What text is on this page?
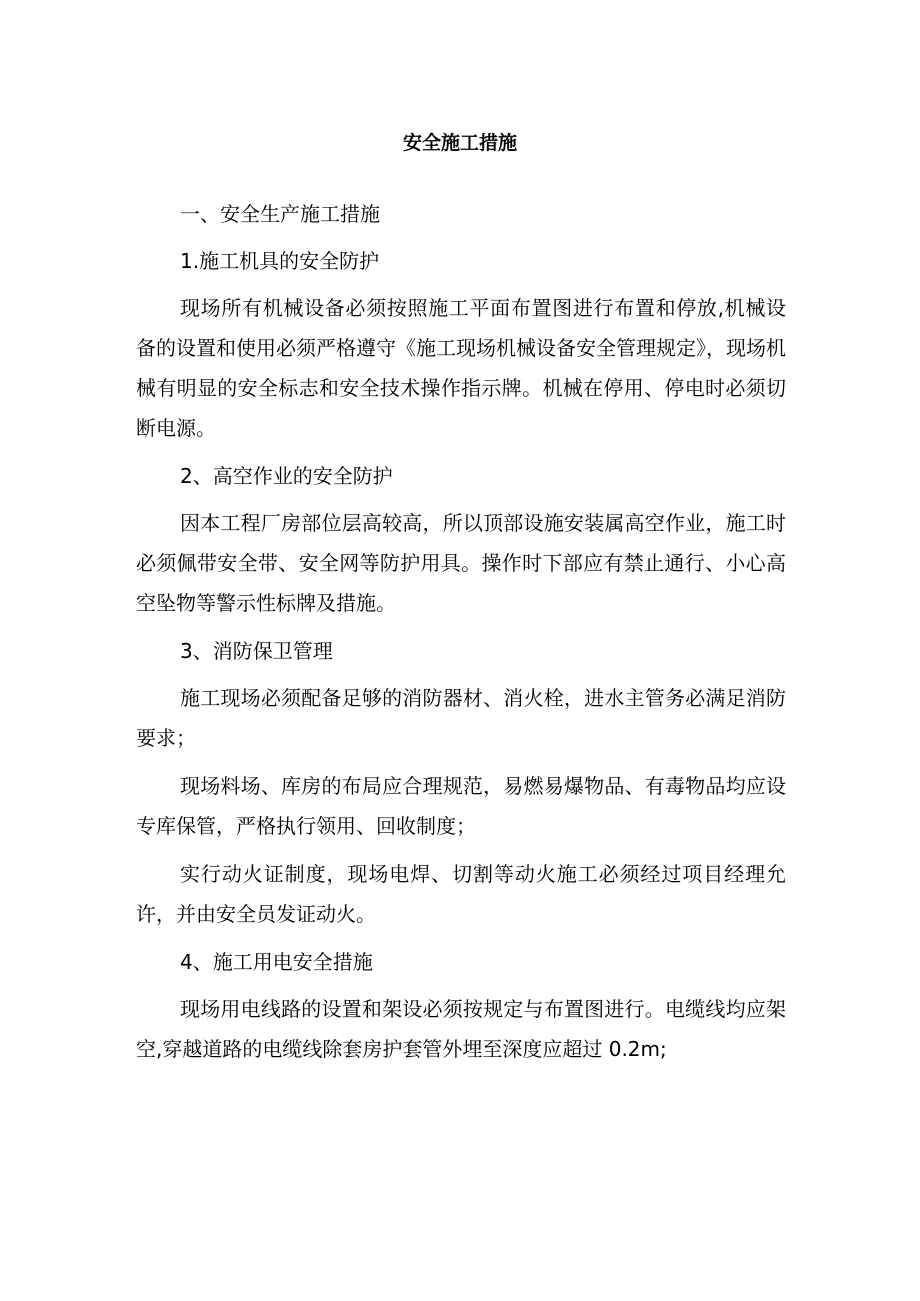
安全施工措施

一、安全生产施工措施

1.施工机具的安全防护

现场所有机械设备必须按照施工平面布置图进行布置和停放,机械设备的设置和使用必须严格遵守《施工现场机械设备安全管理规定》，现场机械有明显的安全标志和安全技术操作指示牌。机械在停用、停电时必须切断电源。

2、高空作业的安全防护

因本工程厂房部位层高较高，所以顶部设施安装属高空作业，施工时必须佩带安全带、安全网等防护用具。操作时下部应有禁止通行、小心高空坠物等警示性标牌及措施。

3、消防保卫管理

施工现场必须配备足够的消防器材、消火栓，进水主管务必满足消防要求；

现场料场、库房的布局应合理规范，易燃易爆物品、有毒物品均应设专库保管，严格执行领用、回收制度；

实行动火证制度，现场电焊、切割等动火施工必须经过项目经理允许，并由安全员发证动火。

4、施工用电安全措施

现场用电线路的设置和架设必须按规定与布置图进行。电缆线均应架空,穿越道路的电缆线除套房护套管外埋至深度应超过 0.2m;
